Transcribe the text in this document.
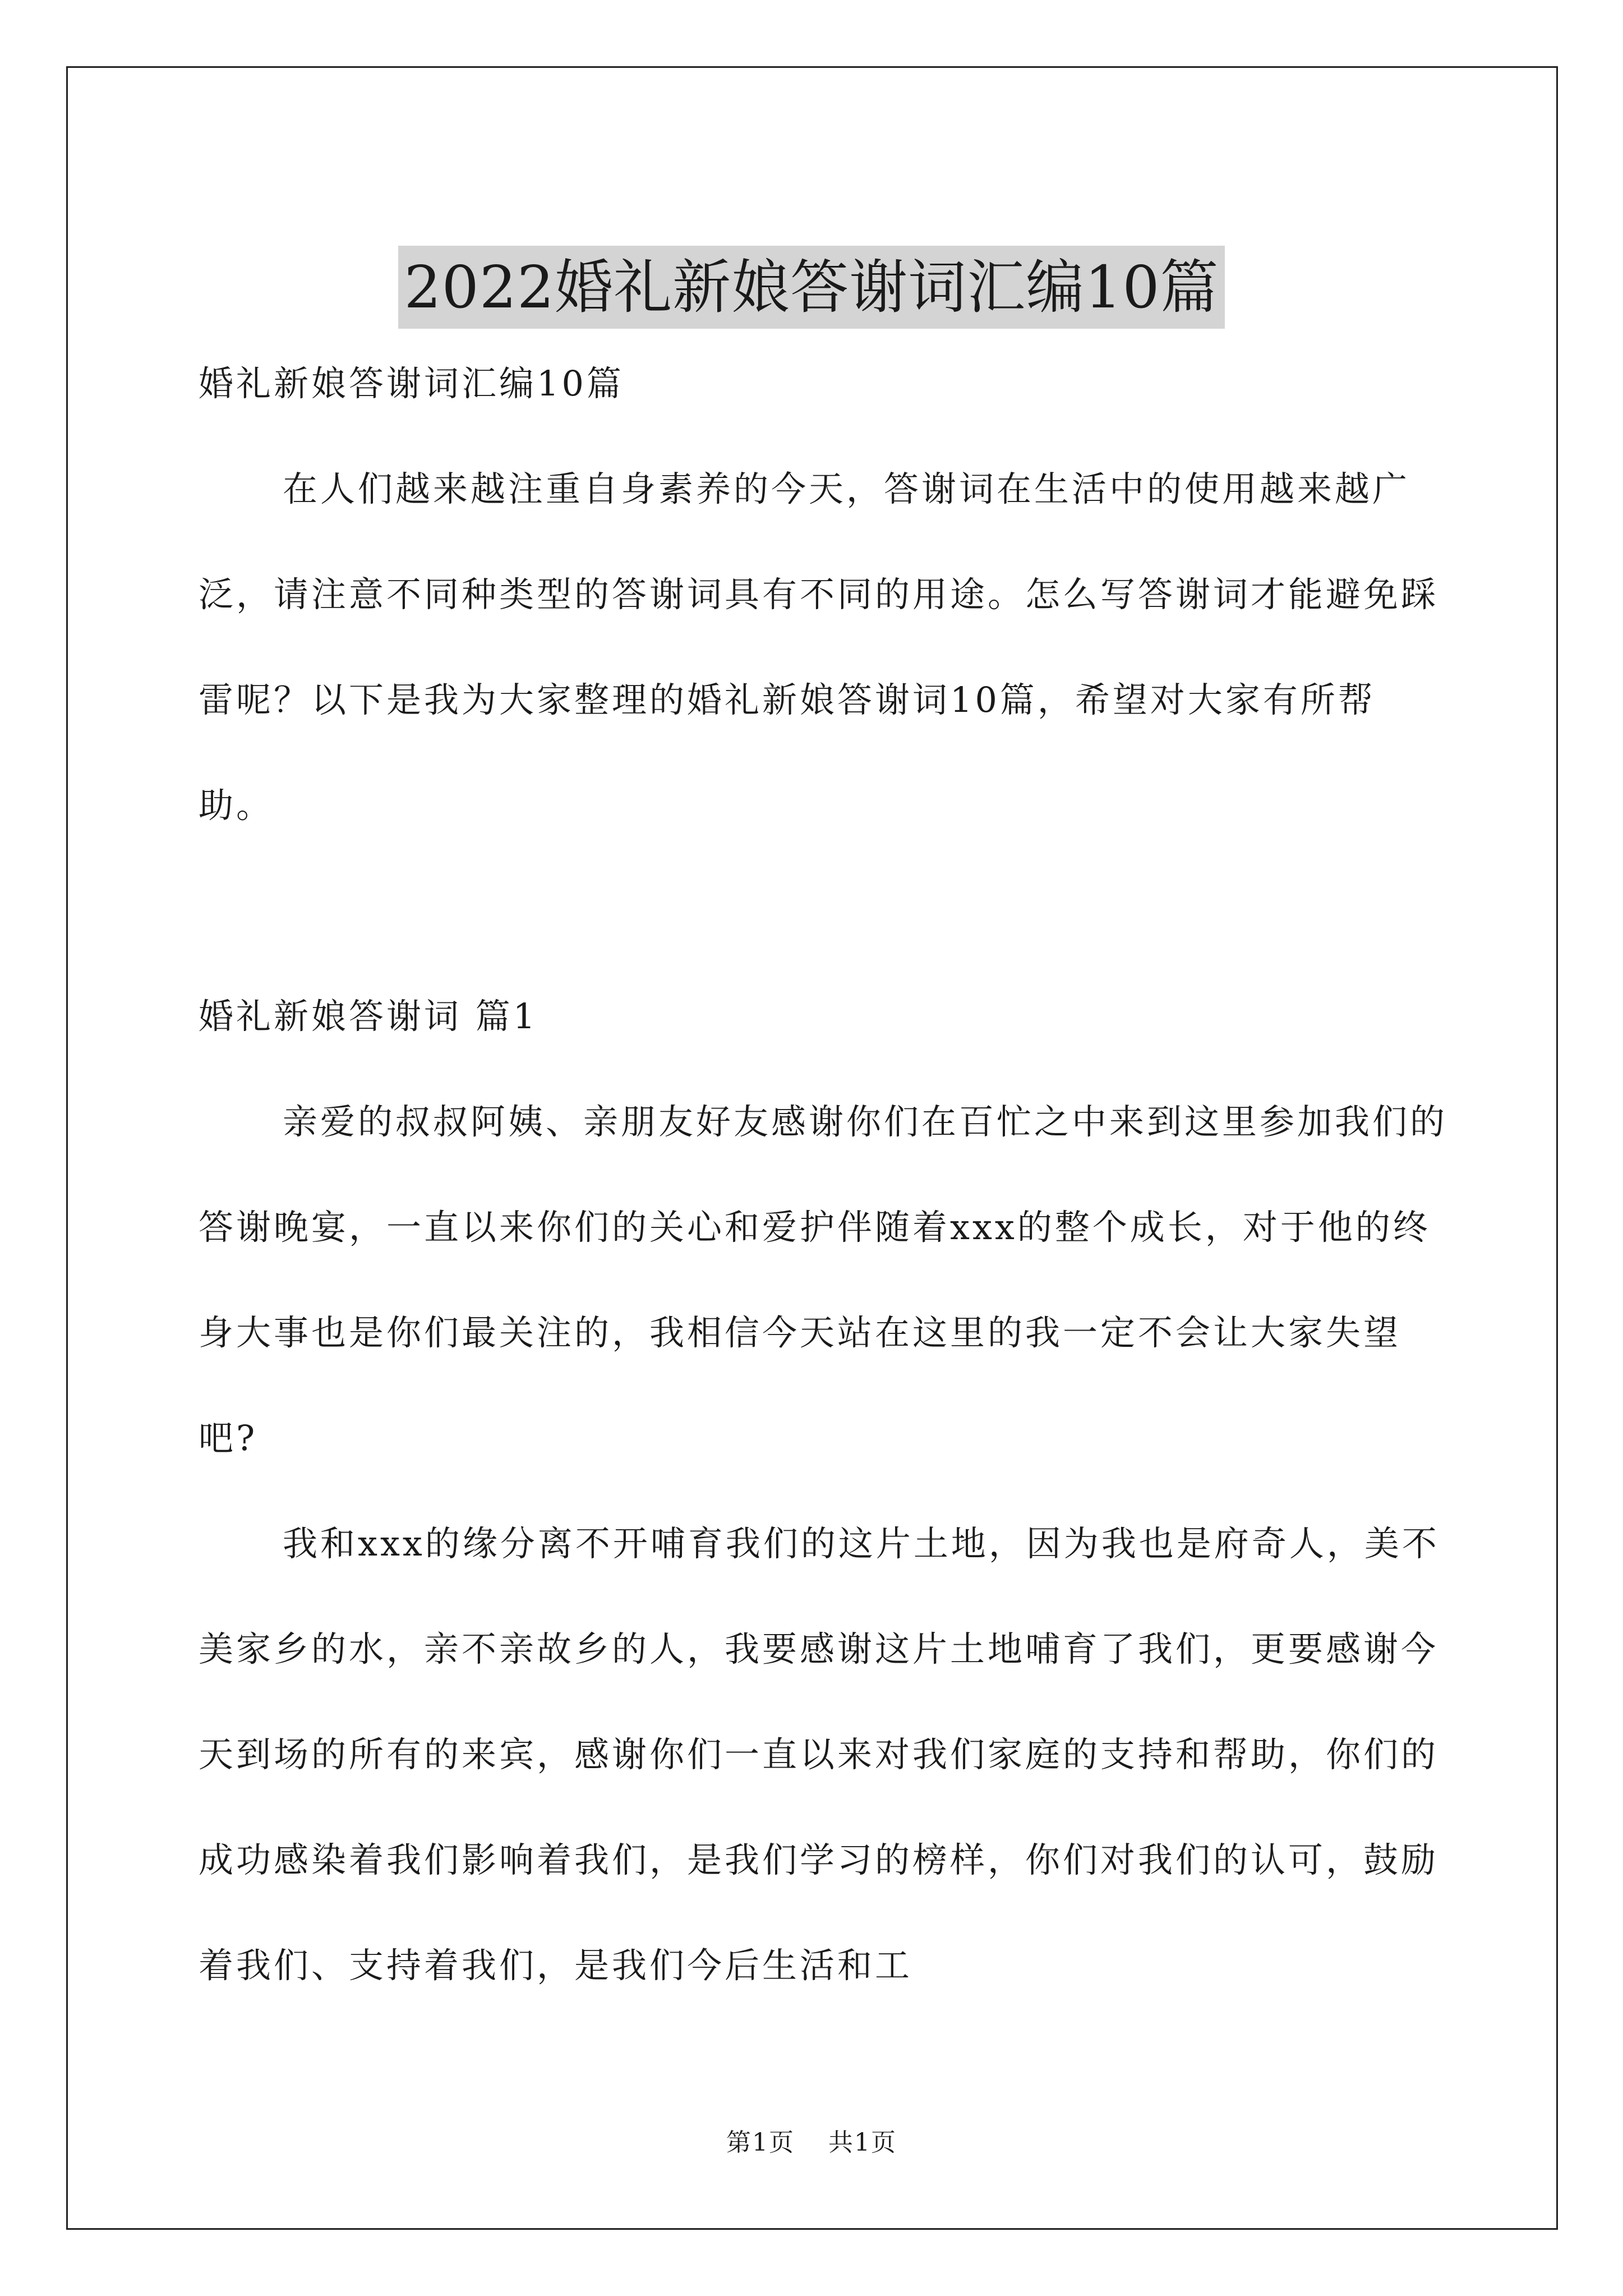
2022婚礼新娘答谢词汇编10篇

婚礼新娘答谢词汇编10篇

在人们越来越注重自身素养的今天，答谢词在生活中的使用越来越广泛，请注意不同种类型的答谢词具有不同的用途。怎么写答谢词才能避免踩雷呢？以下是我为大家整理的婚礼新娘答谢词10篇，希望对大家有所帮助。

婚礼新娘答谢词 篇1

亲爱的叔叔阿姨、亲朋友好友感谢你们在百忙之中来到这里参加我们的答谢晚宴，一直以来你们的关心和爱护伴随着xxx的整个成长，对于他的终身大事也是你们最关注的，我相信今天站在这里的我一定不会让大家失望吧?

我和xxx的缘分离不开哺育我们的这片土地，因为我也是府奇人，美不美家乡的水，亲不亲故乡的人，我要感谢这片土地哺育了我们，更要感谢今天到场的所有的来宾，感谢你们一直以来对我们家庭的支持和帮助，你们的成功感染着我们影响着我们，是我们学习的榜样，你们对我们的认可，鼓励着我们、支持着我们，是我们今后生活和工

第1页 共1页
